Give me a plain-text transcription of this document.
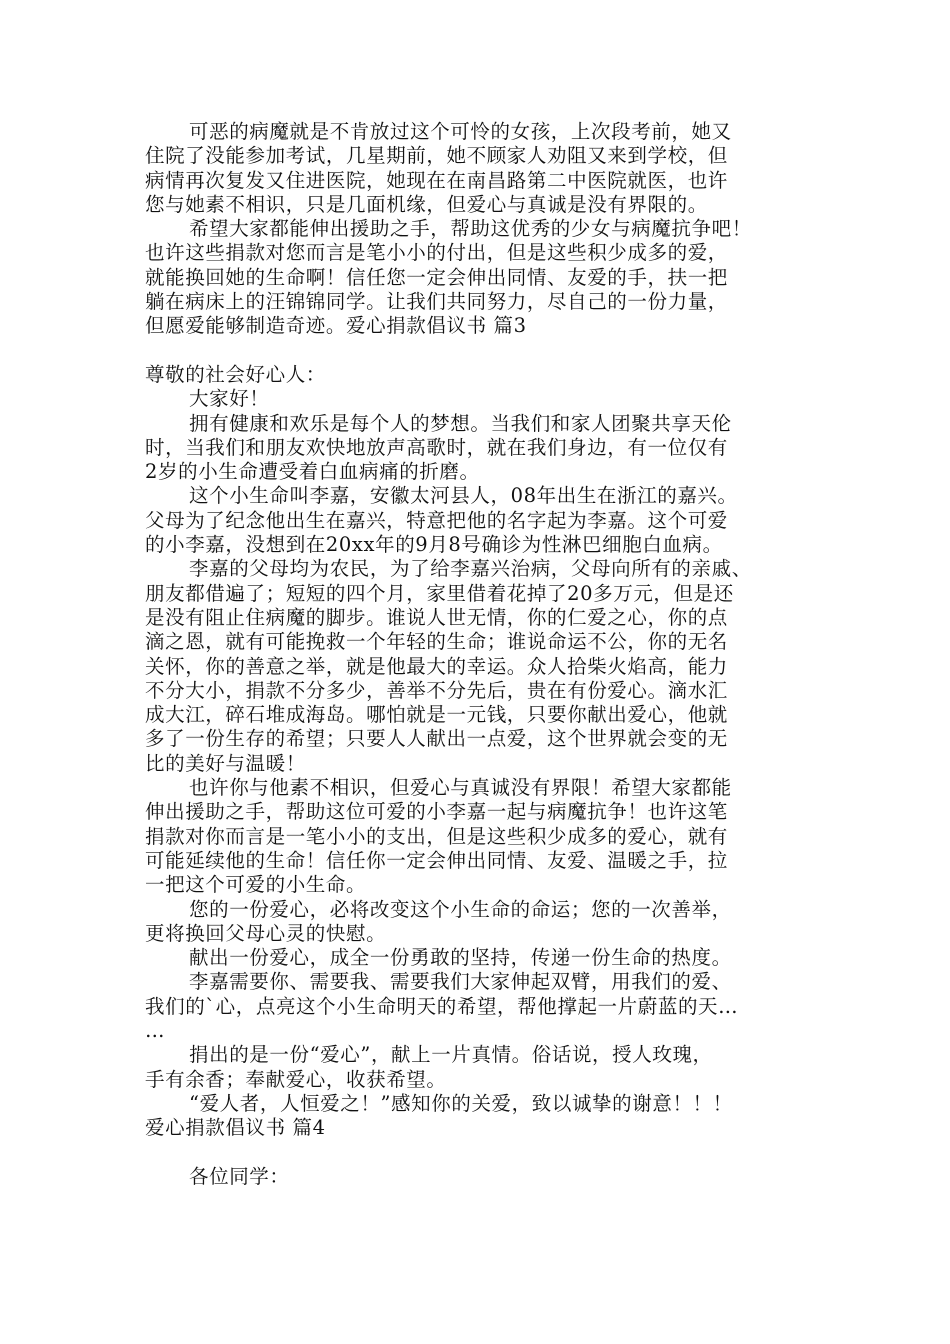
可恶的病魔就是不肯放过这个可怜的女孩，上次段考前，她又
住院了没能参加考试，几星期前，她不顾家人劝阻又来到学校，但
病情再次复发又住进医院，她现在在南昌路第二中医院就医，也许
您与她素不相识，只是几面机缘，但爱心与真诚是没有界限的。
希望大家都能伸出援助之手，帮助这优秀的少女与病魔抗争吧！
也许这些捐款对您而言是笔小小的付出，但是这些积少成多的爱，
就能换回她的生命啊！信任您一定会伸出同情、友爱的手，扶一把
躺在病床上的汪锦锦同学。让我们共同努力，尽自己的一份力量，
但愿爱能够制造奇迹。爱心捐款倡议书 篇3
尊敬的社会好心人：
大家好！
拥有健康和欢乐是每个人的梦想。当我们和家人团聚共享天伦
时，当我们和朋友欢快地放声高歌时，就在我们身边，有一位仅有
2岁的小生命遭受着白血病痛的折磨。
这个小生命叫李嘉，安徽太河县人，08年出生在浙江的嘉兴。
父母为了纪念他出生在嘉兴，特意把他的名字起为李嘉。这个可爱
的小李嘉，没想到在20xx年的9月8号确诊为性淋巴细胞白血病。
李嘉的父母均为农民，为了给李嘉兴治病，父母向所有的亲戚、
朋友都借遍了；短短的四个月，家里借着花掉了20多万元，但是还
是没有阻止住病魔的脚步。谁说人世无情，你的仁爱之心，你的点
滴之恩，就有可能挽救一个年轻的生命；谁说命运不公，你的无名
关怀，你的善意之举，就是他最大的幸运。众人拾柴火焰高，能力
不分大小，捐款不分多少，善举不分先后，贵在有份爱心。滴水汇
成大江，碎石堆成海岛。哪怕就是一元钱，只要你献出爱心，他就
多了一份生存的希望；只要人人献出一点爱，这个世界就会变的无
比的美好与温暖！
也许你与他素不相识，但爱心与真诚没有界限！希望大家都能
伸出援助之手，帮助这位可爱的小李嘉一起与病魔抗争！也许这笔
捐款对你而言是一笔小小的支出，但是这些积少成多的爱心，就有
可能延续他的生命！信任你一定会伸出同情、友爱、温暖之手，拉
一把这个可爱的小生命。
您的一份爱心，必将改变这个小生命的命运；您的一次善举，
更将换回父母心灵的快慰。
献出一份爱心，成全一份勇敢的坚持，传递一份生命的热度。
李嘉需要你、需要我、需要我们大家伸起双臂，用我们的爱、
我们的`心，点亮这个小生命明天的希望，帮他撑起一片蔚蓝的天…
…
捐出的是一份“爱心”，献上一片真情。俗话说，授人玫瑰，
手有余香；奉献爱心，收获希望。
“爱人者，人恒爱之！”感知你的关爱，致以诚挚的谢意！！！
爱心捐款倡议书 篇4
各位同学：
